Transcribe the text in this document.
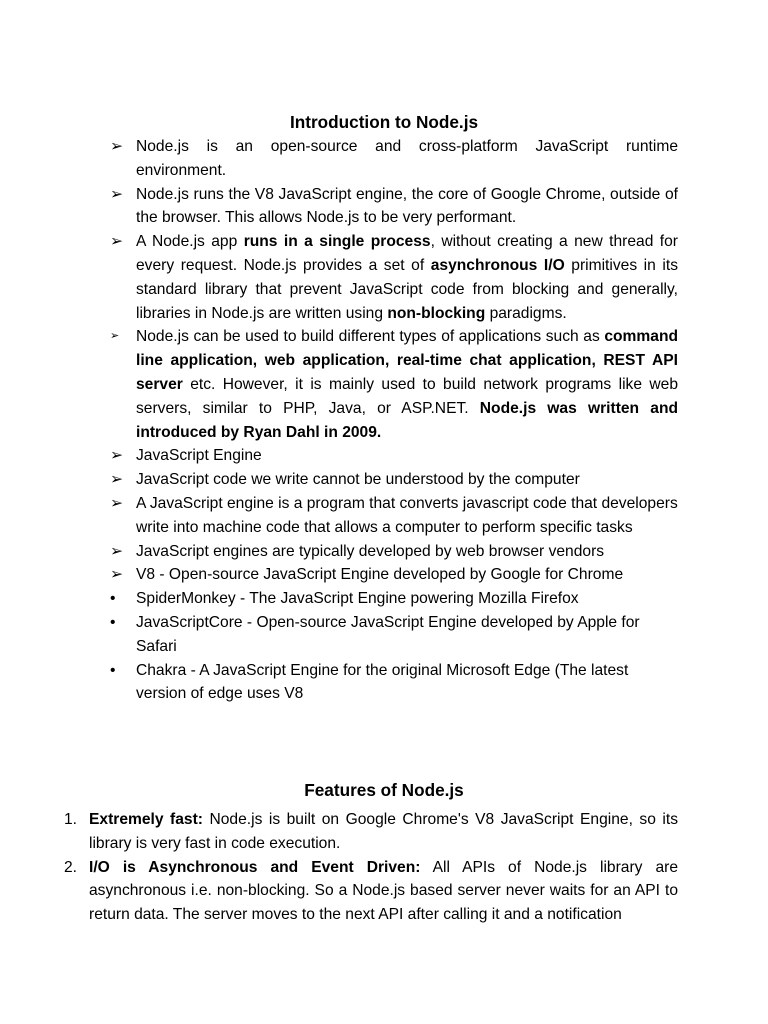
Introduction to Node.js
➢ Node.js is an open-source and cross-platform JavaScript runtime environment.
➢ Node.js runs the V8 JavaScript engine, the core of Google Chrome, outside of the browser. This allows Node.js to be very performant.
➢ A Node.js app runs in a single process, without creating a new thread for every request. Node.js provides a set of asynchronous I/O primitives in its standard library that prevent JavaScript code from blocking and generally, libraries in Node.js are written using non-blocking paradigms.
➢	Node.js can be used to build different types of applications such as command line application, web application, real-time chat application, REST API server etc. However, it is mainly used to build network programs like web servers, similar to PHP, Java, or ASP.NET. Node.js was written and introduced by Ryan Dahl in 2009.
➢ JavaScript Engine
➢ JavaScript code we write cannot be understood by the computer
➢ A JavaScript engine is a program that converts javascript code that developers write into machine code that allows a computer to perform specific tasks
➢ JavaScript engines are typically developed by web browser vendors
➢ V8 - Open-source JavaScript Engine developed by Google for Chrome
•	SpiderMonkey - The JavaScript Engine powering Mozilla Firefox
•	JavaScriptCore - Open-source JavaScript Engine developed by Apple for Safari
•	Chakra - A JavaScript Engine for the original Microsoft Edge (The latest version of edge uses V8
Features of Node.js
1. Extremely fast: Node.js is built on Google Chrome's V8 JavaScript Engine, so its library is very fast in code execution.
2. I/O is Asynchronous and Event Driven: All APIs of Node.js library are asynchronous i.e. non-blocking. So a Node.js based server never waits for an API to return data. The server moves to the next API after calling it and a notification
